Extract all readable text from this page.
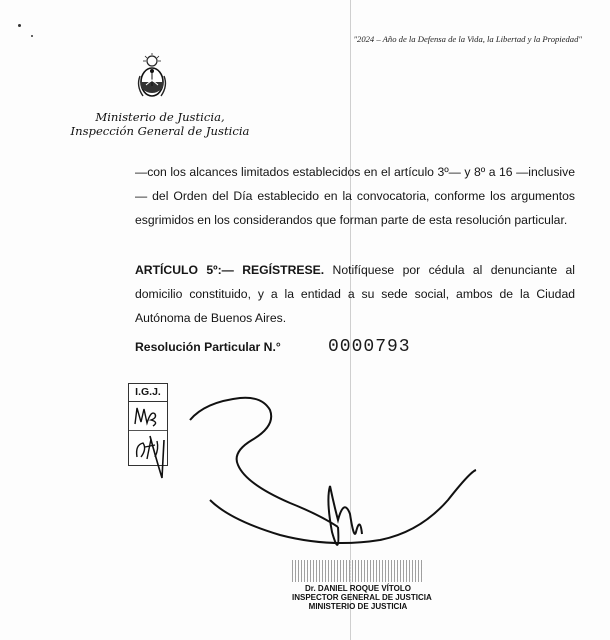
"2024 – Año de la Defensa de la Vida, la Libertad y la Propiedad"
Ministerio de Justicia,
Inspección General de Justicia
—con los alcances limitados establecidos en el artículo 3º— y 8º a 16 —inclusive— del Orden del Día establecido en la convocatoria, conforme los argumentos esgrimidos en los considerandos que forman parte de esta resolución particular.
ARTÍCULO 5º:— REGÍSTRESE. Notifíquese por cédula al denunciante al domicilio constituido, y a la entidad a su sede social, ambos de la Ciudad Autónoma de Buenos Aires.
Resolución Particular N.°	0000793
I.G.J.
Dr. DANIEL ROQUE VÍTOLO
INSPECTOR GENERAL DE JUSTICIA
MINISTERIO DE JUSTICIA
